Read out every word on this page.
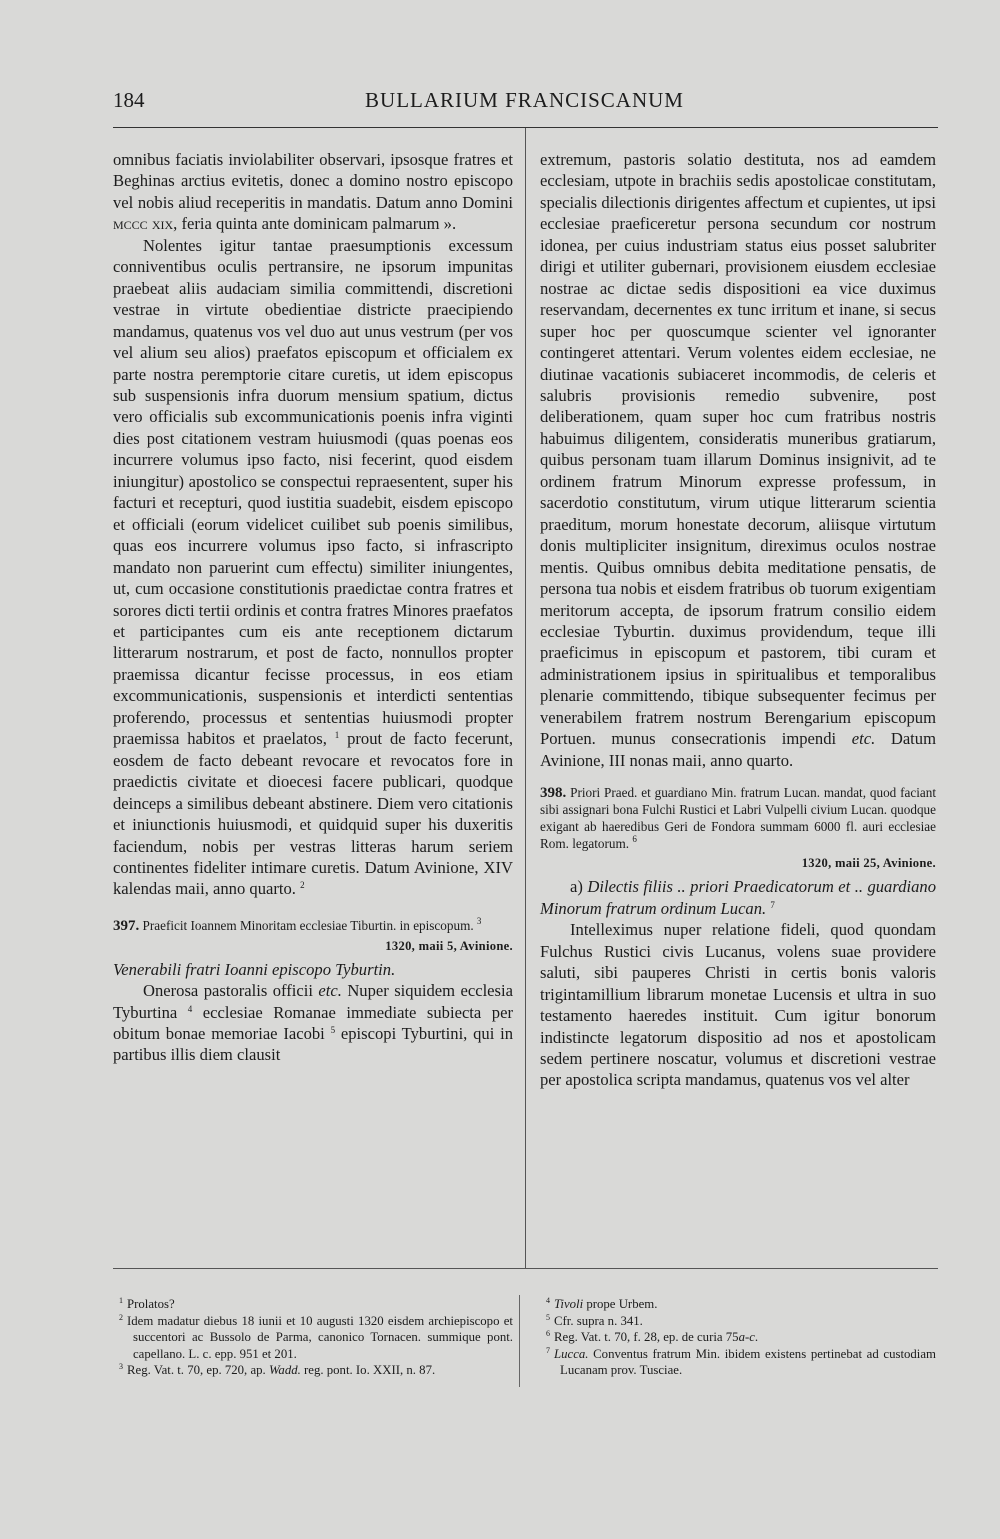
184	BULLARIUM FRANCISCANUM

omnibus faciatis inviolabiliter observari, ipsosque fratres et Beghinas arctius evitetis, donec a domino nostro episcopo vel nobis aliud receperitis in mandatis. Datum anno Domini mccc xix, feria quinta ante dominicam palmarum ».

Nolentes igitur tantae praesumptionis excessum conniventibus oculis pertransire, ne ipsorum impunitas praebeat aliis audaciam similia committendi, discretioni vestrae in virtute obedientiae districte praecipiendo mandamus, quatenus vos vel duo aut unus vestrum (per vos vel alium seu alios) praefatos episcopum et officialem ex parte nostra peremptorie citare curetis, ut idem episcopus sub suspensionis infra duorum mensium spatium, dictus vero officialis sub excommunicationis poenis infra viginti dies post citationem vestram huiusmodi (quas poenas eos incurrere volumus ipso facto, nisi fecerint, quod eisdem iniungitur) apostolico se conspectui repraesentent, super his facturi et recepturi, quod iustitia suadebit, eisdem episcopo et officiali (eorum videlicet cuilibet sub poenis similibus, quas eos incurrere volumus ipso facto, si infrascripto mandato non paruerint cum effectu) similiter iniungentes, ut, cum occasione constitutionis praedictae contra fratres et sorores dicti tertii ordinis et contra fratres Minores praefatos et participantes cum eis ante receptionem dictarum litterarum nostrarum, et post de facto, nonnullos propter praemissa dicantur fecisse processus, in eos etiam excommunicationis, suspensionis et interdicti sententias proferendo, processus et sententias huiusmodi propter praemissa habitos et praelatos, $^1$ prout de facto fecerunt, eosdem de facto debeant revocare et revocatos fore in praedictis civitate et dioecesi facere publicari, quodque deinceps a similibus debeant abstinere. Diem vero citationis et iniunctionis huiusmodi, et quidquid super his duxeritis faciendum, nobis per vestras litteras harum seriem continentes fideliter intimare curetis. Datum Avinione, XIV kalendas maii, anno quarto. $^2$

397. Praeficit Ioannem Minoritam ecclesiae Tiburtin. in episcopum. $^3$

1320, maii 5, Avinione.

Venerabili fratri Ioanni episcopo Tyburtin.

Onerosa pastoralis officii etc. Nuper siquidem ecclesia Tyburtina $^4$ ecclesiae Romanae immediate subiecta per obitum bonae memoriae Iacobi $^5$ episcopi Tyburtini, qui in partibus illis diem clausit

extremum, pastoris solatio destituta, nos ad eamdem ecclesiam, utpote in brachiis sedis apostolicae constitutam, specialis dilectionis dirigentes affectum et cupientes, ut ipsi ecclesiae praeficeretur persona secundum cor nostrum idonea, per cuius industriam status eius posset salubriter dirigi et utiliter gubernari, provisionem eiusdem ecclesiae nostrae ac dictae sedis dispositioni ea vice duximus reservandam, decernentes ex tunc irritum et inane, si secus super hoc per quoscumque scienter vel ignoranter contingeret attentari. Verum volentes eidem ecclesiae, ne diutinae vacationis subiaceret incommodis, de celeris et salubris provisionis remedio subvenire, post deliberationem, quam super hoc cum fratribus nostris habuimus diligentem, consideratis muneribus gratiarum, quibus personam tuam illarum Dominus insignivit, ad te ordinem fratrum Minorum expresse professum, in sacerdotio constitutum, virum utique litterarum scientia praeditum, morum honestate decorum, aliisque virtutum donis multipliciter insignitum, direximus oculos nostrae mentis. Quibus omnibus debita meditatione pensatis, de persona tua nobis et eisdem fratribus ob tuorum exigentiam meritorum accepta, de ipsorum fratrum consilio eidem ecclesiae Tyburtin. duximus providendum, teque illi praeficimus in episcopum et pastorem, tibi curam et administrationem ipsius in spiritualibus et temporalibus plenarie committendo, tibique subsequenter fecimus per venerabilem fratrem nostrum Berengarium episcopum Portuen. munus consecrationis impendi etc. Datum Avinione, III nonas maii, anno quarto.

398. Priori Praed. et guardiano Min. fratrum Lucan. mandat, quod faciant sibi assignari bona Fulchi Rustici et Labri Vulpelli civium Lucan. quodque exigant ab haeredibus Geri de Fondora summam 6000 fl. auri ecclesiae Rom. legatorum. $^6$

1320, maii 25, Avinione.

a) Dilectis filiis .. priori Praedicatorum et .. guardiano Minorum fratrum ordinum Lucan. $^7$

Intelleximus nuper relatione fideli, quod quondam Fulchus Rustici civis Lucanus, volens suae providere saluti, sibi pauperes Christi in certis bonis valoris trigintamillium librarum monetae Lucensis et ultra in suo testamento haeredes instituit. Cum igitur bonorum indistincte legatorum dispositio ad nos et apostolicam sedem pertinere noscatur, volumus et discretioni vestrae per apostolica scripta mandamus, quatenus vos vel alter

$^1$ Prolatos?

$^2$ Idem madatur diebus 18 iunii et 10 augusti 1320 eisdem archiepiscopo et succentori ac Bussolo de Parma, canonico Tornacen. summique pont. capellano. L. c. epp. 951 et 201.

$^3$ Reg. Vat. t. 70, ep. 720, ap. Wadd. reg. pont. Io. XXII, n. 87.

$^4$ Tivoli prope Urbem.

$^5$ Cfr. supra n. 341.

$^6$ Reg. Vat. t. 70, f. 28, ep. de curia 75a-c.

$^7$ Lucca. Conventus fratrum Min. ibidem existens pertinebat ad custodiam Lucanam prov. Tusciae.
